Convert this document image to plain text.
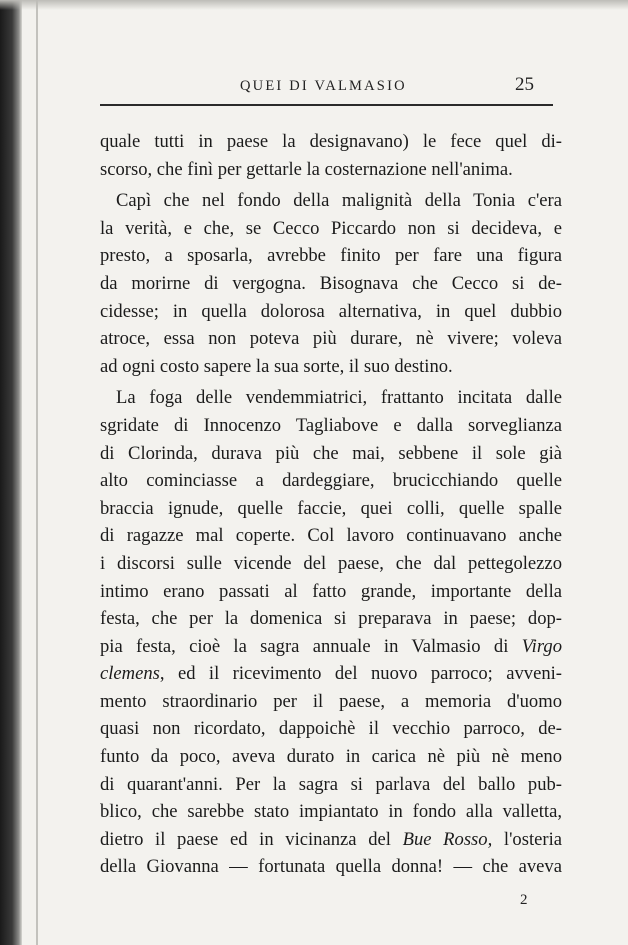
QUEI DI VALMASIO	25
quale tutti in paese la designavano) le fece quel di-
scorso, che finì per gettarle la costernazione nell'anima.
Capì che nel fondo della malignità della Tonia c'era
la verità, e che, se Cecco Piccardo non si decideva, e
presto, a sposarla, avrebbe finito per fare una figura
da morirne di vergogna. Bisognava che Cecco si de-
cidesse; in quella dolorosa alternativa, in quel dubbio
atroce, essa non poteva più durare, nè vivere; voleva
ad ogni costo sapere la sua sorte, il suo destino.
La foga delle vendemmiatrici, frattanto incitata dalle
sgridate di Innocenzo Tagliabove e dalla sorveglianza
di Clorinda, durava più che mai, sebbene il sole già
alto cominciasse a dardeggiare, brucicchiando quelle
braccia ignude, quelle faccie, quei colli, quelle spalle
di ragazze mal coperte. Col lavoro continuavano anche
i discorsi sulle vicende del paese, che dal pettegolezzo
intimo erano passati al fatto grande, importante della
festa, che per la domenica si preparava in paese; dop-
pia festa, cioè la sagra annuale in Valmasio di Virgo
clemens, ed il ricevimento del nuovo parroco; avveni-
mento straordinario per il paese, a memoria d'uomo
quasi non ricordato, dappoichè il vecchio parroco, de-
funto da poco, aveva durato in carica nè più nè meno
di quarant'anni. Per la sagra si parlava del ballo pub-
blico, che sarebbe stato impiantato in fondo alla valletta,
dietro il paese ed in vicinanza del Bue Rosso, l'osteria
della Giovanna — fortunata quella donna! — che aveva
2
